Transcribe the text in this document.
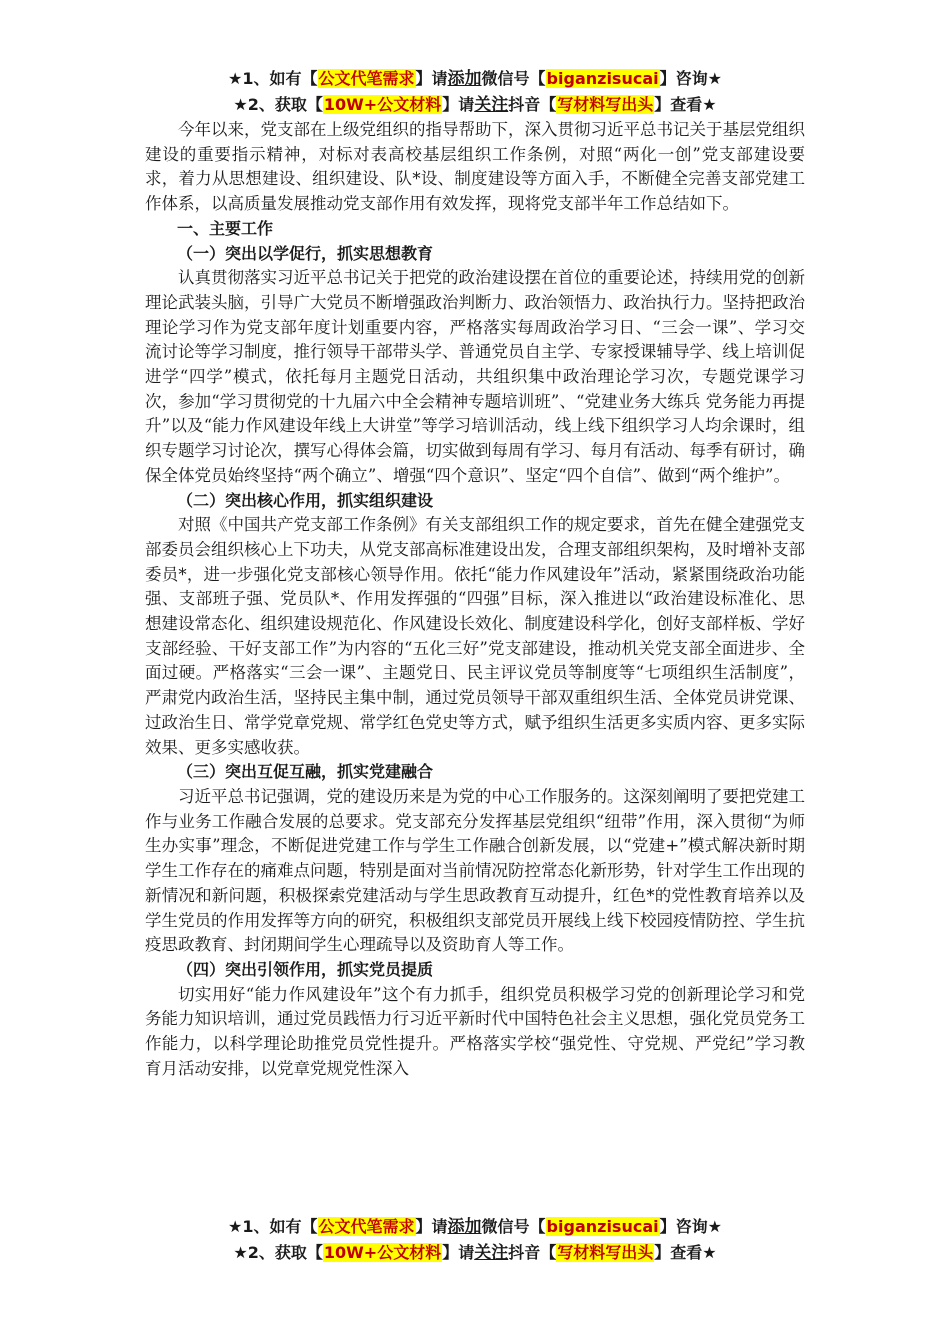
★1、如有【公文代笔需求】请添加微信号【biganzisucai】咨询★
★2、获取【10W+公文材料】请关注抖音【写材料写出头】查看★

今年以来，党支部在上级党组织的指导帮助下，深入贯彻习近平总书记关于基层党组织建设的重要指示精神，对标对表高校基层组织工作条例，对照“两化一创”党支部建设要求，着力从思想建设、组织建设、队*设、制度建设等方面入手，不断健全完善支部党建工作体系，以高质量发展推动党支部作用有效发挥，现将党支部半年工作总结如下。

一、主要工作
（一）突出以学促行，抓实思想教育

认真贯彻落实习近平总书记关于把党的政治建设摆在首位的重要论述，持续用党的创新理论武装头脑，引导广大党员不断增强政治判断力、政治领悟力、政治执行力。坚持把政治理论学习作为党支部年度计划重要内容，严格落实每周政治学习日、“三会一课”、学习交流讨论等学习制度，推行领导干部带头学、普通党员自主学、专家授课辅导学、线上培训促进学“四学”模式，依托每月主题党日活动，共组织集中政治理论学习次，专题党课学习次，参加“学习贯彻党的十九届六中全会精神专题培训班”、“党建业务大练兵 党务能力再提升”以及“能力作风建设年线上大讲堂”等学习培训活动，线上线下组织学习人均余课时，组织专题学习讨论次，撰写心得体会篇，切实做到每周有学习、每月有活动、每季有研讨，确保全体党员始终坚持“两个确立”、增强“四个意识”、坚定“四个自信”、做到“两个维护”。

（二）突出核心作用，抓实组织建设

对照《中国共产党支部工作条例》有关支部组织工作的规定要求，首先在健全建强党支部委员会组织核心上下功夫，从党支部高标准建设出发，合理支部组织架构，及时增补支部委员*，进一步强化党支部核心领导作用。依托“能力作风建设年”活动，紧紧围绕政治功能强、支部班子强、党员队*、作用发挥强的“四强”目标，深入推进以“政治建设标准化、思想建设常态化、组织建设规范化、作风建设长效化、制度建设科学化，创好支部样板、学好支部经验、干好支部工作”为内容的“五化三好”党支部建设，推动机关党支部全面进步、全面过硬。严格落实“三会一课”、主题党日、民主评议党员等制度等“七项组织生活制度”，严肃党内政治生活，坚持民主集中制，通过党员领导干部双重组织生活、全体党员讲党课、过政治生日、常学党章党规、常学红色党史等方式，赋予组织生活更多实质内容、更多实际效果、更多实感收获。

（三）突出互促互融，抓实党建融合

习近平总书记强调，党的建设历来是为党的中心工作服务的。这深刻阐明了要把党建工作与业务工作融合发展的总要求。党支部充分发挥基层党组织“纽带”作用，深入贯彻“为师生办实事”理念，不断促进党建工作与学生工作融合创新发展，以“党建+”模式解决新时期学生工作存在的痛难点问题，特别是面对当前情况防控常态化新形势，针对学生工作出现的新情况和新问题，积极探索党建活动与学生思政教育互动提升，红色*的党性教育培养以及学生党员的作用发挥等方向的研究，积极组织支部党员开展线上线下校园疫情防控、学生抗疫思政教育、封闭期间学生心理疏导以及资助育人等工作。

（四）突出引领作用，抓实党员提质

切实用好“能力作风建设年”这个有力抓手，组织党员积极学习党的创新理论学习和党务能力知识培训，通过党员践悟力行习近平新时代中国特色社会主义思想，强化党员党务工作能力，以科学理论助推党员党性提升。严格落实学校“强党性、守党规、严党纪”学习教育月活动安排，以党章党规党性深入

★1、如有【公文代笔需求】请添加微信号【biganzisucai】咨询★
★2、获取【10W+公文材料】请关注抖音【写材料写出头】查看★
